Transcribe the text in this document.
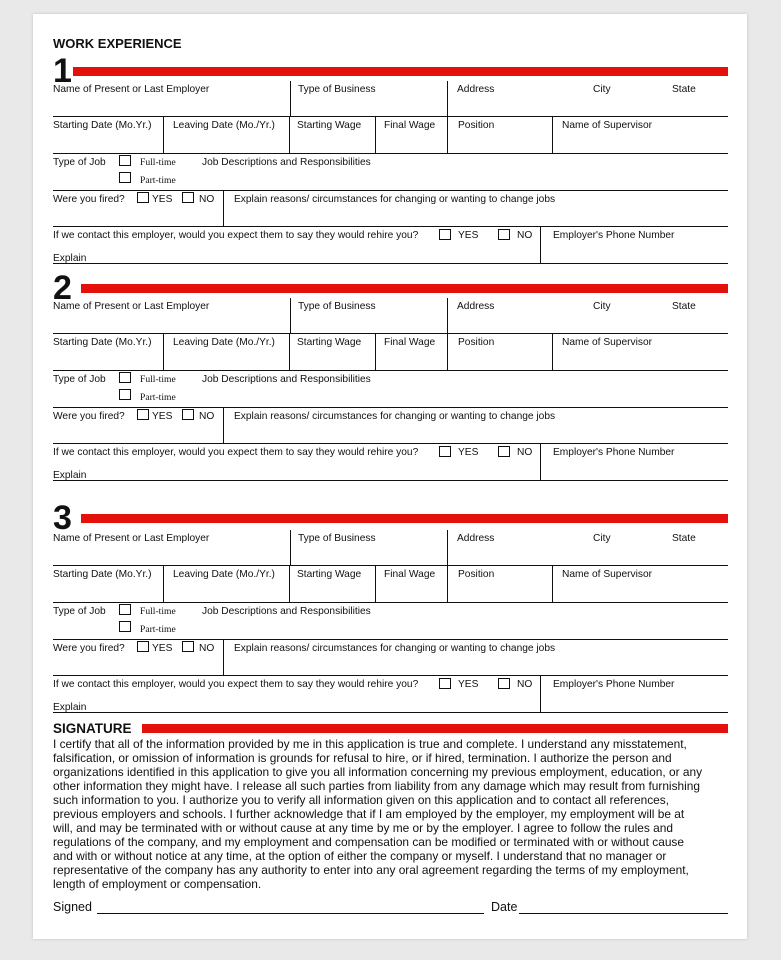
WORK EXPERIENCE
1
Name of Present or Last Employer	Type of Business	Address	City	State
Starting Date (Mo.Yr.) Leaving Date (Mo./Yr.) Starting Wage Final Wage Position	Name of Supervisor
Type of Job	Full-time
Part-time
Job Descriptions and Responsibilities
Were you fired?	YES	NO Explain reasons/ circumstances for changing or wanting to change jobs
If we contact this employer, would you expect them to say they would rehire you?	YES	NO Employer's Phone Number
Explain
2
Name of Present or Last Employer	Type of Business	Address	City	State
Starting Date (Mo.Yr.) Leaving Date (Mo./Yr.) Starting Wage Final Wage Position	Name of Supervisor
Type of Job	Full-time
Part-time
Job Descriptions and Responsibilities
Were you fired?	YES	NO Explain reasons/ circumstances for changing or wanting to change jobs
If we contact this employer, would you expect them to say they would rehire you?	YES	NO Employer's Phone Number
Explain
3
Name of Present or Last Employer	Type of Business	Address	City	State
Starting Date (Mo.Yr.) Leaving Date (Mo./Yr.) Starting Wage Final Wage Position	Name of Supervisor
Type of Job	Full-time
Part-time
Job Descriptions and Responsibilities
Were you fired?	YES	NO Explain reasons/ circumstances for changing or wanting to change jobs
If we contact this employer, would you expect them to say they would rehire you?	YES	NO Employer's Phone Number
Explain
SIGNATURE
I certify that all of the information provided by me in this application is true and complete. I understand any misstatement,
falsification, or omission of information is grounds for refusal to hire, or if hired, termination. I authorize the person and
organizations identified in this application to give you all information concerning my previous employment, education, or any
other information they might have. I release all such parties from liability from any damage which may result from furnishing
such information to you. I authorize you to verify all information given on this application and to contact all references,
previous employers and schools. I further acknowledge that if I am employed by the employer, my employment will be at
will, and may be terminated with or without cause at any time by me or by the employer. I agree to follow the rules and
regulations of the company, and my employment and compensation can be modified or terminated with or without cause
and with or without notice at any time, at the option of either the company or myself. I understand that no manager or
representative of the company has any authority to enter into any oral agreement regarding the terms of my employment,
length of employment or compensation.
Signed	Date
